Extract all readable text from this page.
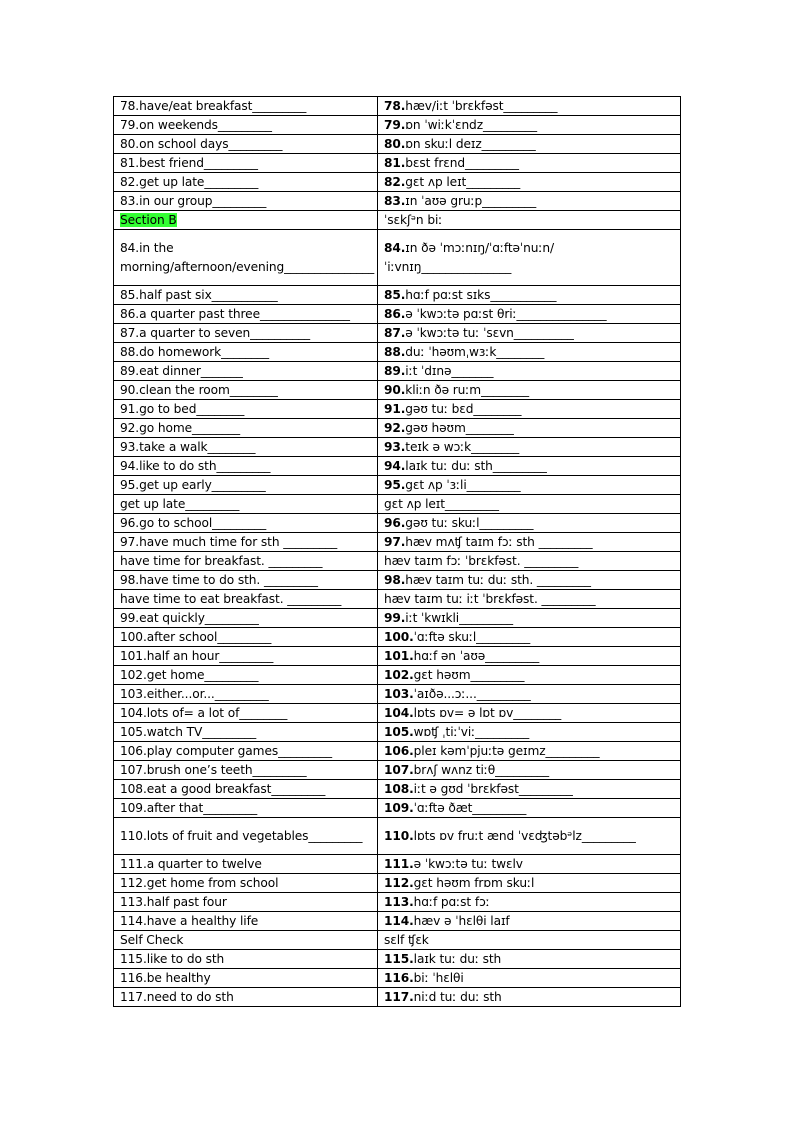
78.have/eat breakfast_________	78.hæv/iːt ˈbrɛkfəst_________
79.on weekends_________	79.ɒn ˈwiːkˈɛndz_________
80.on school days_________	80.ɒn skuːl deɪz_________
81.best friend_________	81.bɛst frɛnd_________
82.get up late_________	82.gɛt ʌp leɪt_________
83.in our group_________	83.ɪn ˈaʊə gruːp_________
Section B	ˈsɛkʃᵊn biː
84.in the morning/afternoon/evening_______________	84.ɪn ðə ˈmɔːnɪŋ/ˈɑːftəˈnuːn/ˈiːvnɪŋ_______________
85.half past six___________	85.hɑːf pɑːst sɪks___________
86.a quarter past three_______________	86.ə ˈkwɔːtə pɑːst θriː_______________
87.a quarter to seven__________	87.ə ˈkwɔːtə tuː ˈsɛvn__________
88.do homework________	88.duː ˈhəʊmˌwɜːk________
89.eat dinner_______	89.iːt ˈdɪnə_______
90.clean the room________	90.kliːn ðə ruːm________
91.go to bed________	91.gəʊ tuː bɛd________
92.go home________	92.gəʊ həʊm________
93.take a walk________	93.teɪk ə wɔːk________
94.like to do sth_________	94.laɪk tuː duː sth_________
95.get up early_________	95.gɛt ʌp ˈɜːli_________
get up late_________	gɛt ʌp leɪt_________
96.go to school_________	96.gəʊ tuː skuːl_________
97.have much time for sth _________	97.hæv mʌʧ taɪm fɔː sth _________
have time for breakfast. _________	hæv taɪm fɔː ˈbrɛkfəst. _________
98.have time to do sth. _________	98.hæv taɪm tuː duː sth. _________
have time to eat breakfast. _________	hæv taɪm tuː iːt ˈbrɛkfəst. _________
99.eat quickly_________	99.iːt ˈkwɪkli_________
100.after school_________	100.ˈɑːftə skuːl_________
101.half an hour_________	101.hɑːf ən ˈaʊə_________
102.get home_________	102.gɛt həʊm_________
103.either...or..._________	103.ˈaɪðə...ɔː..._________
104.lots of= a lot of________	104.lɒts ɒv= ə lɒt ɒv________
105.watch TV_________	105.wɒʧ ˌtiːˈviː_________
106.play computer games_________	106.pleɪ kəmˈpjuːtə geɪmz_________
107.brush one’s teeth_________	107.brʌʃ wʌnz tiːθ_________
108.eat a good breakfast_________	108.iːt ə gʊd ˈbrɛkfəst_________
109.after that_________	109.ˈɑːftə ðæt_________
110.lots of fruit and vegetables_________	110.lɒts ɒv fruːt ænd ˈvɛʤtəbᵊlz_________
111.a quarter to twelve	111.ə ˈkwɔːtə tuː twɛlv
112.get home from school	112.gɛt həʊm frɒm skuːl
113.half past four	113.hɑːf pɑːst fɔː
114.have a healthy life	114.hæv ə ˈhɛlθi laɪf
Self Check	sɛlf ʧɛk
115.like to do sth	115.laɪk tuː duː sth
116.be healthy	116.biː ˈhɛlθi
117.need to do sth	117.niːd tuː duː sth
